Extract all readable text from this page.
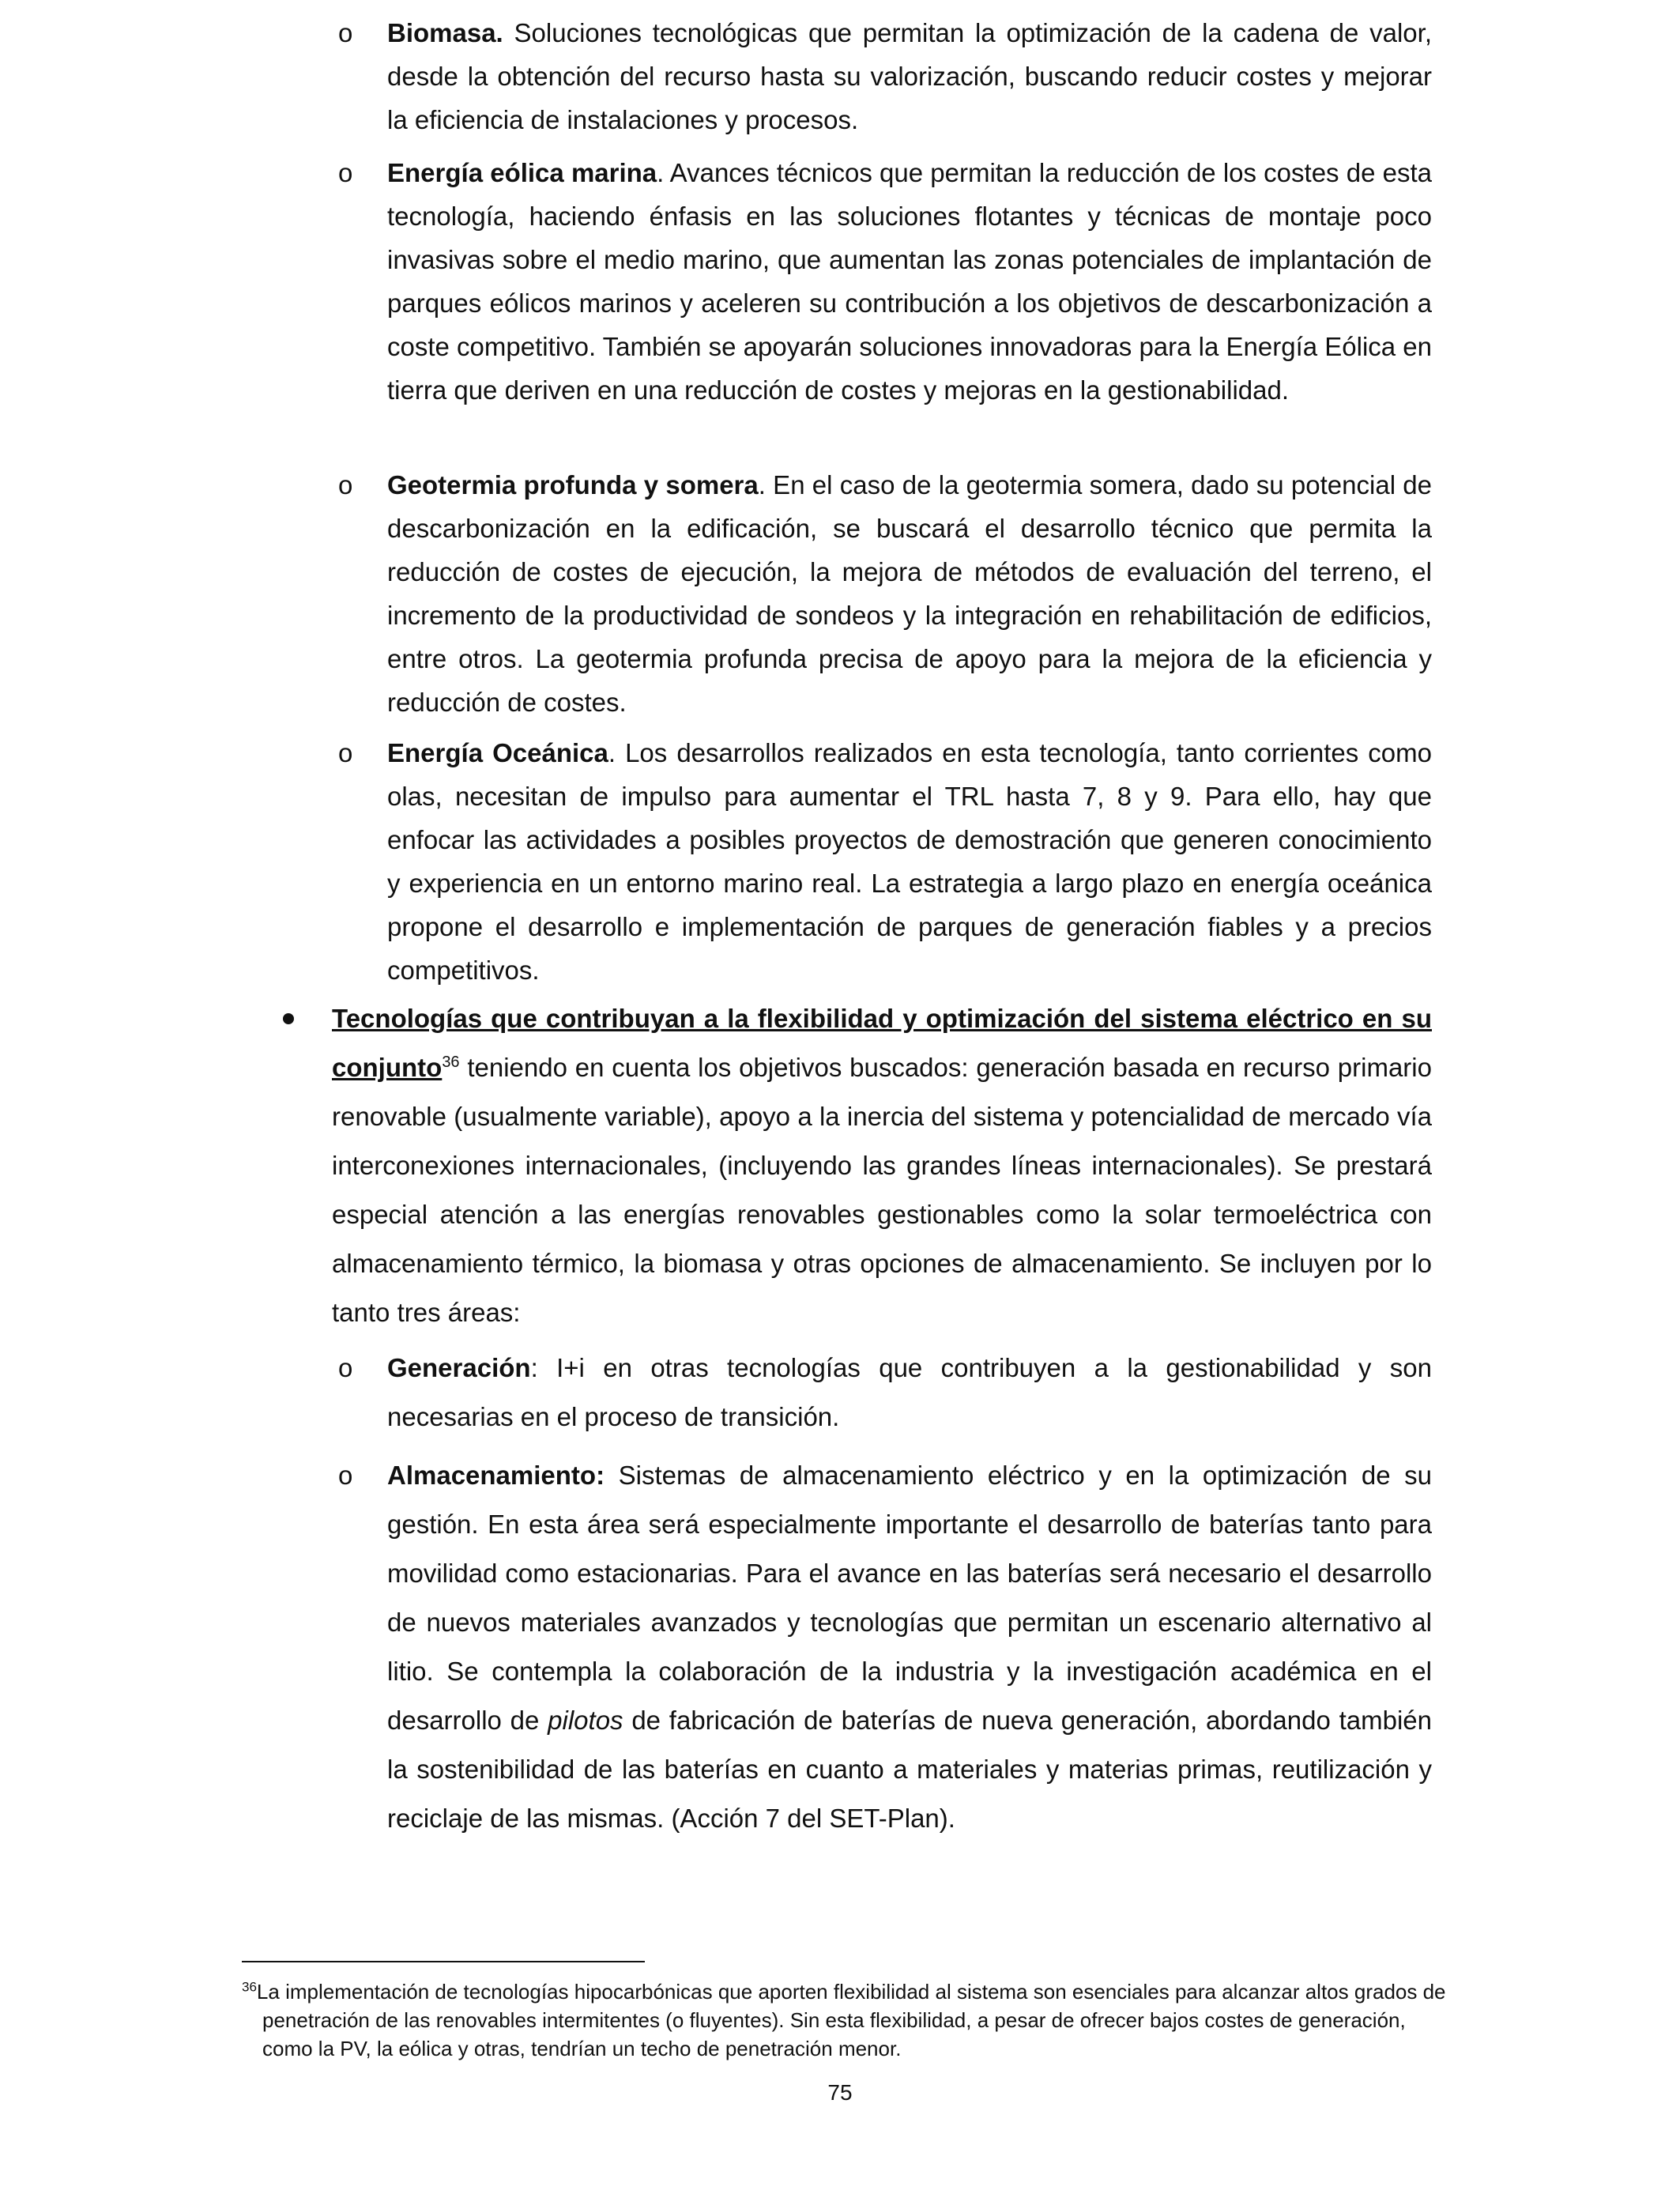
o Biomasa. Soluciones tecnológicas que permitan la optimización de la cadena de valor, desde la obtención del recurso hasta su valorización, buscando reducir costes y mejorar la eficiencia de instalaciones y procesos.

o Energía eólica marina. Avances técnicos que permitan la reducción de los costes de esta tecnología, haciendo énfasis en las soluciones flotantes y técnicas de montaje poco invasivas sobre el medio marino, que aumentan las zonas potenciales de implantación de parques eólicos marinos y aceleren su contribución a los objetivos de descarbonización a coste competitivo. También se apoyarán soluciones innovadoras para la Energía Eólica en tierra que deriven en una reducción de costes y mejoras en la gestionabilidad.

o Geotermia profunda y somera. En el caso de la geotermia somera, dado su potencial de descarbonización en la edificación, se buscará el desarrollo técnico que permita la reducción de costes de ejecución, la mejora de métodos de evaluación del terreno, el incremento de la productividad de sondeos y la integración en rehabilitación de edificios, entre otros. La geotermia profunda precisa de apoyo para la mejora de la eficiencia y reducción de costes.

o Energía Oceánica. Los desarrollos realizados en esta tecnología, tanto corrientes como olas, necesitan de impulso para aumentar el TRL hasta 7, 8 y 9. Para ello, hay que enfocar las actividades a posibles proyectos de demostración que generen conocimiento y experiencia en un entorno marino real. La estrategia a largo plazo en energía oceánica propone el desarrollo e implementación de parques de generación fiables y a precios competitivos.

Tecnologías que contribuyan a la flexibilidad y optimización del sistema eléctrico en su conjunto$^{36}$ teniendo en cuenta los objetivos buscados: generación basada en recurso primario renovable (usualmente variable), apoyo a la inercia del sistema y potencialidad de mercado vía interconexiones internacionales, (incluyendo las grandes líneas internacionales). Se prestará especial atención a las energías renovables gestionables como la solar termoeléctrica con almacenamiento térmico, la biomasa y otras opciones de almacenamiento. Se incluyen por lo tanto tres áreas:

o Generación: I+i en otras tecnologías que contribuyen a la gestionabilidad y son necesarias en el proceso de transición.

o Almacenamiento: Sistemas de almacenamiento eléctrico y en la optimización de su gestión. En esta área será especialmente importante el desarrollo de baterías tanto para movilidad como estacionarias. Para el avance en las baterías será necesario el desarrollo de nuevos materiales avanzados y tecnologías que permitan un escenario alternativo al litio. Se contempla la colaboración de la industria y la investigación académica en el desarrollo de pilotos de fabricación de baterías de nueva generación, abordando también la sostenibilidad de las baterías en cuanto a materiales y materias primas, reutilización y reciclaje de las mismas. (Acción 7 del SET-Plan).

$^{36}$La implementación de tecnologías hipocarbónicas que aporten flexibilidad al sistema son esenciales para alcanzar altos grados de penetración de las renovables intermitentes (o fluyentes). Sin esta flexibilidad, a pesar de ofrecer bajos costes de generación, como la PV, la eólica y otras, tendrían un techo de penetración menor.

75
